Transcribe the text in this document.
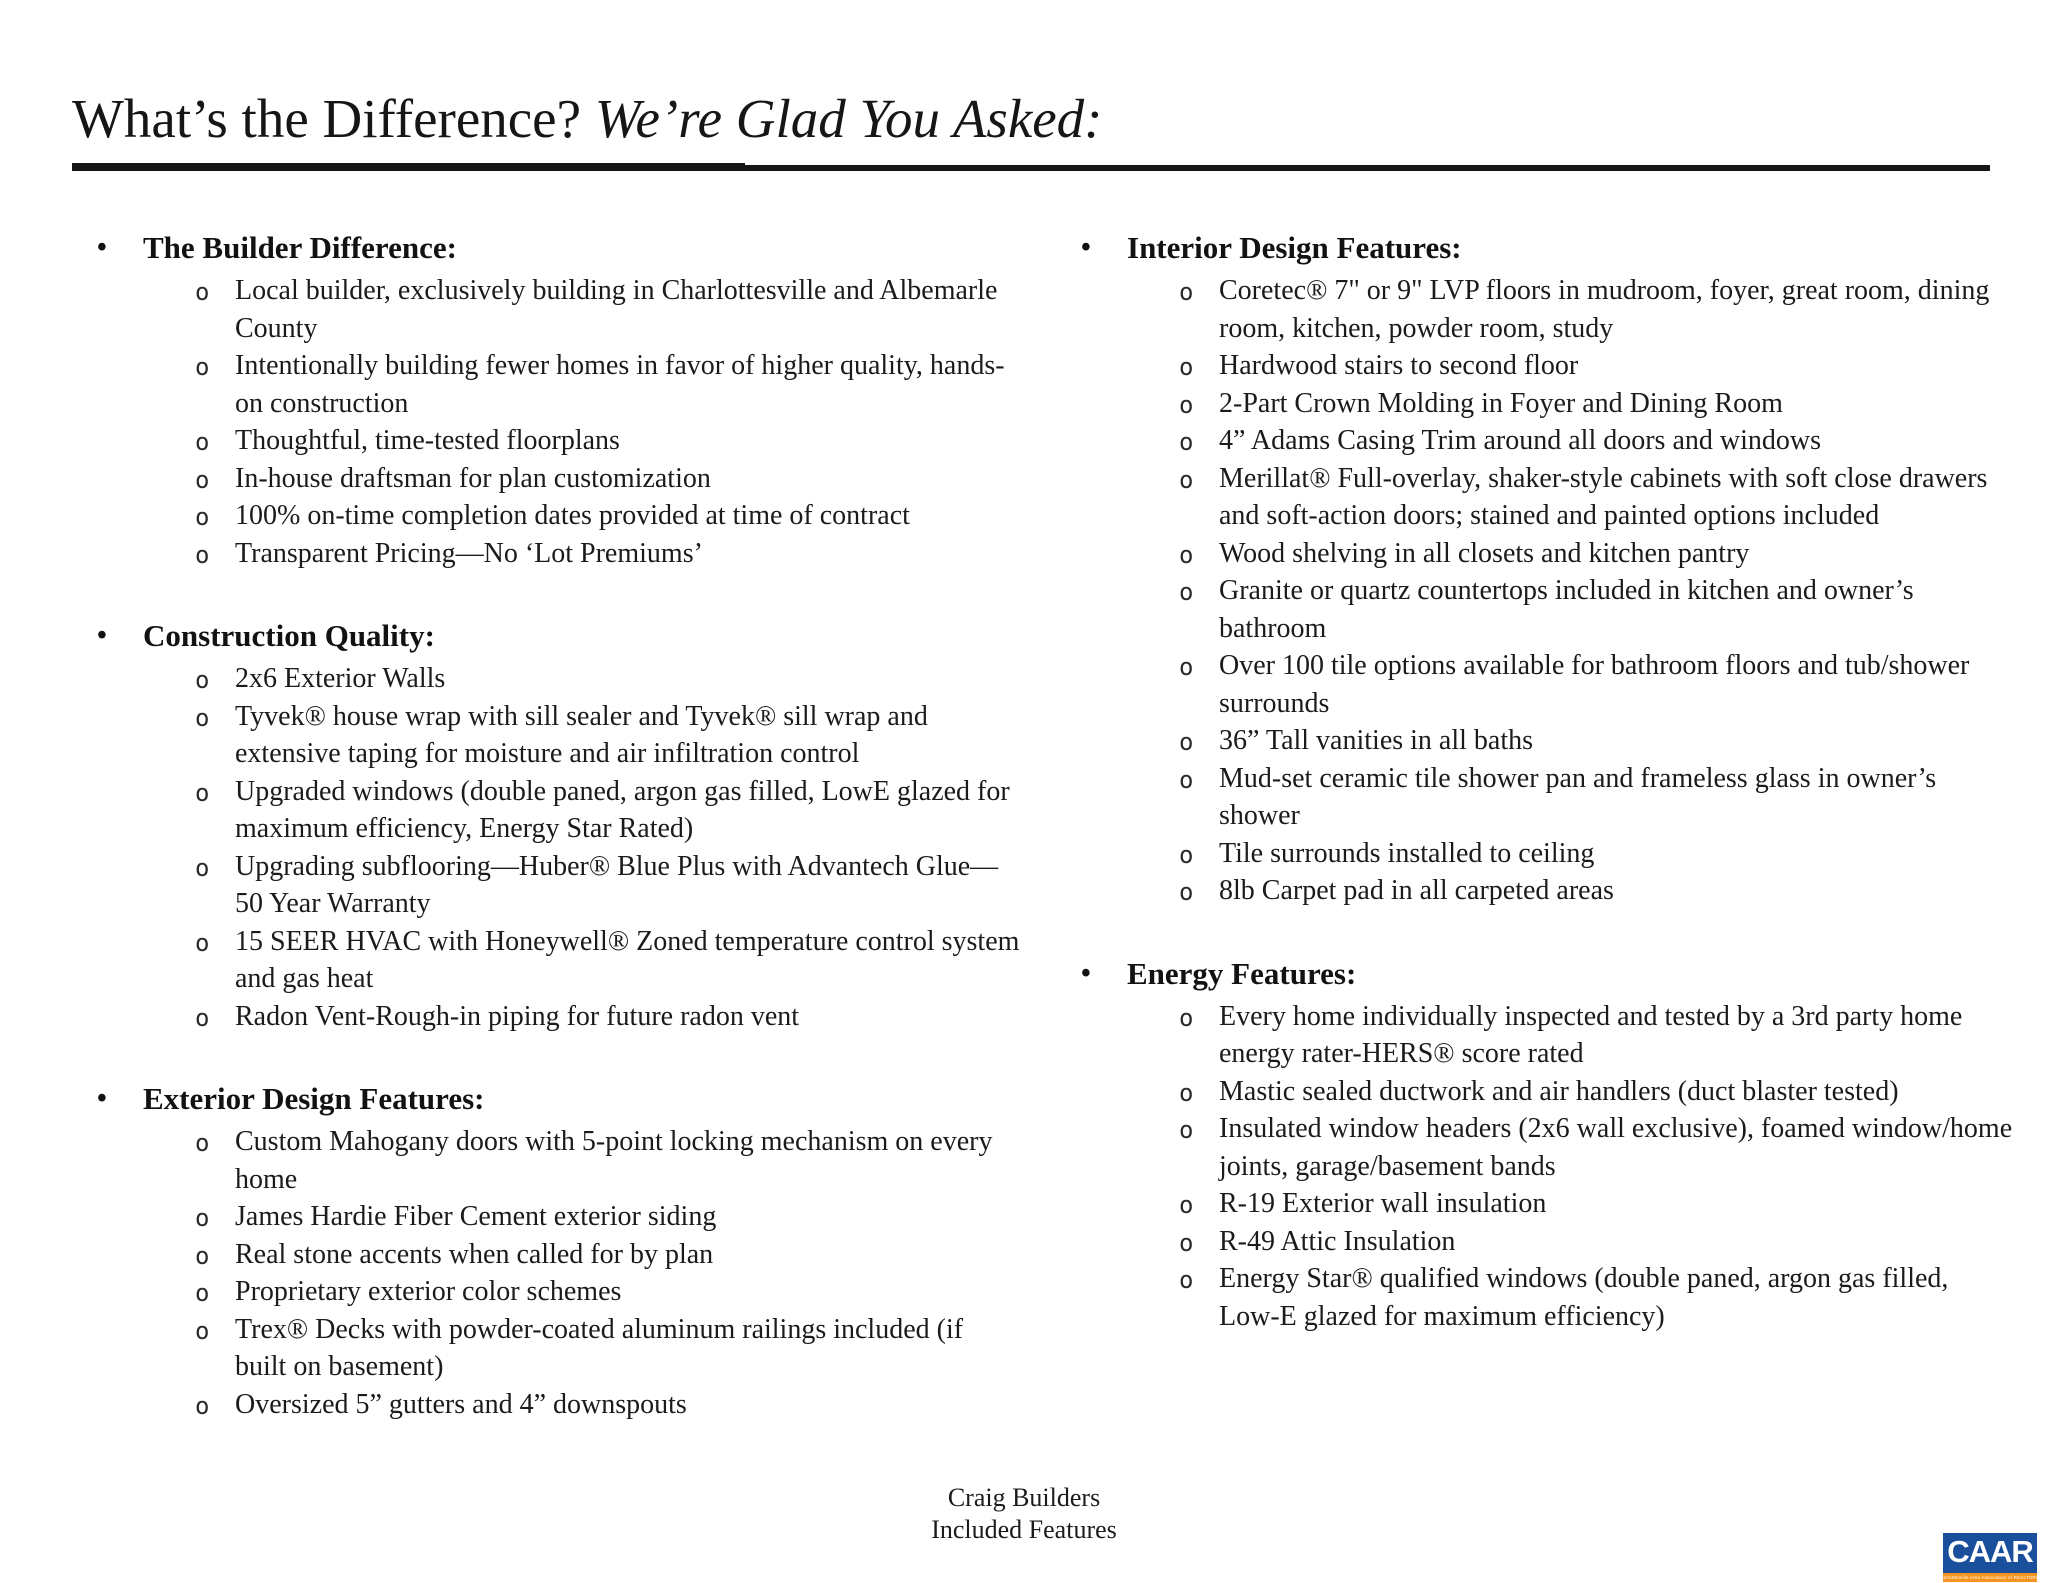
What’s the Difference? We’re Glad You Asked:
• The Builder Difference:
o Local builder, exclusively building in Charlottesville and Albemarle County
o Intentionally building fewer homes in favor of higher quality, hands-on construction
o Thoughtful, time-tested floorplans
o In-house draftsman for plan customization
o 100% on-time completion dates provided at time of contract
o Transparent Pricing—No ‘Lot Premiums’
• Construction Quality:
o 2x6 Exterior Walls
o Tyvek® house wrap with sill sealer and Tyvek® sill wrap and extensive taping for moisture and air infiltration control
o Upgraded windows (double paned, argon gas filled, LowE glazed for maximum efficiency, Energy Star Rated)
o Upgrading subflooring—Huber® Blue Plus with Advantech Glue—50 Year Warranty
o 15 SEER HVAC with Honeywell® Zoned temperature control system and gas heat
o Radon Vent-Rough-in piping for future radon vent
• Exterior Design Features:
o Custom Mahogany doors with 5-point locking mechanism on every home
o James Hardie Fiber Cement exterior siding
o Real stone accents when called for by plan
o Proprietary exterior color schemes
o Trex® Decks with powder-coated aluminum railings included (if built on basement)
o Oversized 5” gutters and 4” downspouts
• Interior Design Features:
o Coretec® 7" or 9" LVP floors in mudroom, foyer, great room, dining room, kitchen, powder room, study
o Hardwood stairs to second floor
o 2-Part Crown Molding in Foyer and Dining Room
o 4” Adams Casing Trim around all doors and windows
o Merillat® Full-overlay, shaker-style cabinets with soft close drawers and soft-action doors; stained and painted options included
o Wood shelving in all closets and kitchen pantry
o Granite or quartz countertops included in kitchen and owner’s bathroom
o Over 100 tile options available for bathroom floors and tub/shower surrounds
o 36” Tall vanities in all baths
o Mud-set ceramic tile shower pan and frameless glass in owner’s shower
o Tile surrounds installed to ceiling
o 8lb Carpet pad in all carpeted areas
• Energy Features:
o Every home individually inspected and tested by a 3rd party home energy rater-HERS® score rated
o Mastic sealed ductwork and air handlers (duct blaster tested)
o Insulated window headers (2x6 wall exclusive), foamed window/home joints, garage/basement bands
o R-19 Exterior wall insulation
o R-49 Attic Insulation
o Energy Star® qualified windows (double paned, argon gas filled, Low-E glazed for maximum efficiency)
Craig Builders
Included Features
CAAR
Charlottesville Area Association of REALTORS®
